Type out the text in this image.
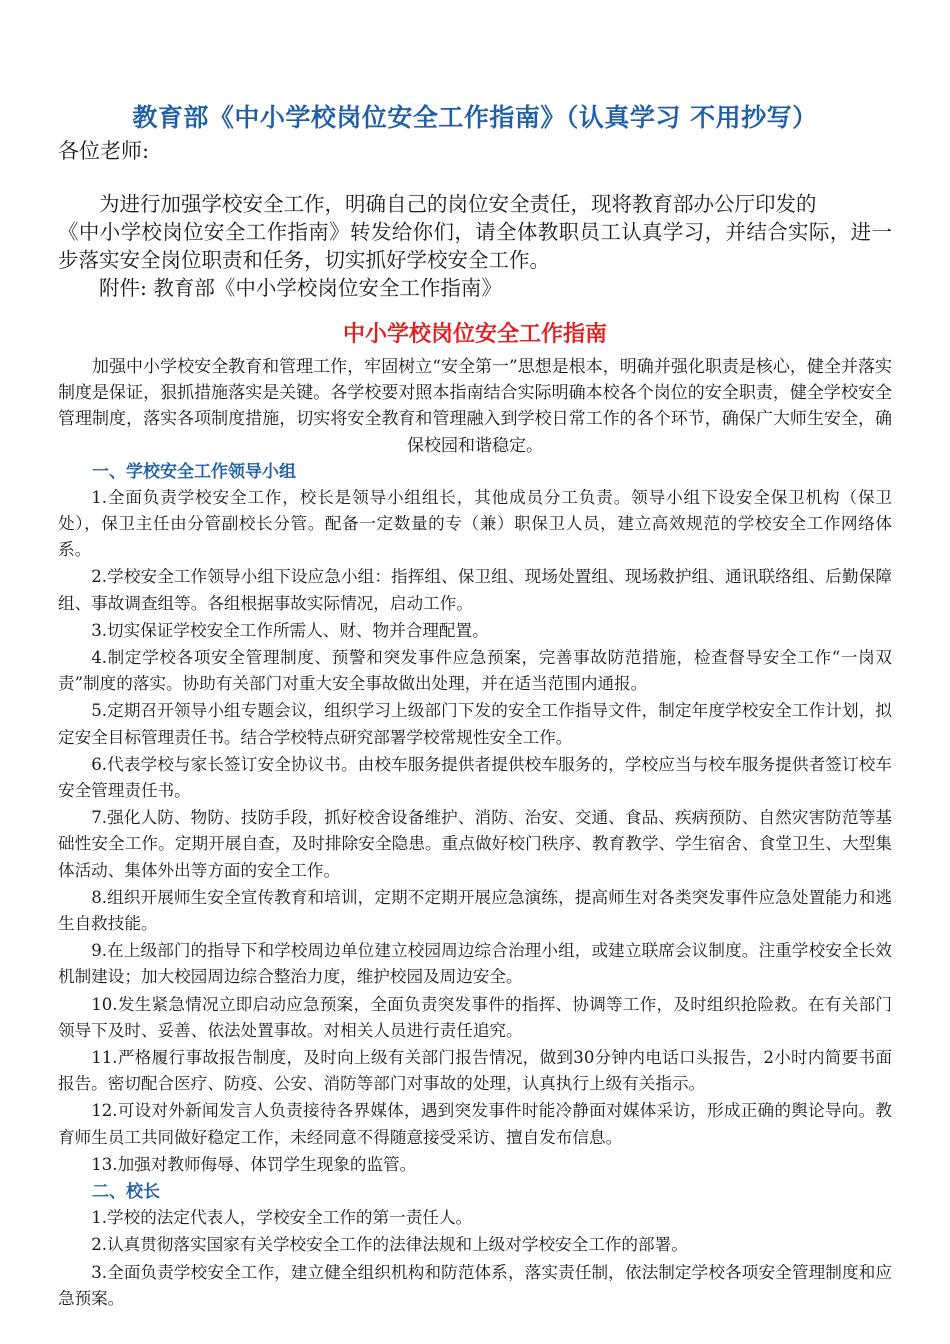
教育部《中小学校岗位安全工作指南》（认真学习 不用抄写）

各位老师:

为进行加强学校安全工作，明确自己的岗位安全责任，现将教育部办公厅印发的

《中小学校岗位安全工作指南》转发给你们，请全体教职员工认真学习，并结合实际，进一步落实安全岗位职责和任务，切实抓好学校安全工作。

附件: 教育部《中小学校岗位安全工作指南》

中小学校岗位安全工作指南

加强中小学校安全教育和管理工作，牢固树立“安全第一”思想是根本，明确并强化职责是核心，健全并落实制度是保证，狠抓措施落实是关键。各学校要对照本指南结合实际明确本校各个岗位的安全职责，健全学校安全管理制度，落实各项制度措施，切实将安全教育和管理融入到学校日常工作的各个环节，确保广大师生安全，确保校园和谐稳定。

一、学校安全工作领导小组

1.全面负责学校安全工作，校长是领导小组组长，其他成员分工负责。领导小组下设安全保卫机构（保卫处），保卫主任由分管副校长分管。配备一定数量的专（兼）职保卫人员，建立高效规范的学校安全工作网络体系。

2.学校安全工作领导小组下设应急小组：指挥组、保卫组、现场处置组、现场救护组、通讯联络组、后勤保障组、事故调查组等。各组根据事故实际情况，启动工作。

3.切实保证学校安全工作所需人、财、物并合理配置。

4.制定学校各项安全管理制度、预警和突发事件应急预案，完善事故防范措施，检查督导安全工作“一岗双责”制度的落实。协助有关部门对重大安全事故做出处理，并在适当范围内通报。

5.定期召开领导小组专题会议，组织学习上级部门下发的安全工作指导文件，制定年度学校安全工作计划，拟定安全目标管理责任书。结合学校特点研究部署学校常规性安全工作。

6.代表学校与家长签订安全协议书。由校车服务提供者提供校车服务的，学校应当与校车服务提供者签订校车安全管理责任书。

7.强化人防、物防、技防手段，抓好校舍设备维护、消防、治安、交通、食品、疾病预防、自然灾害防范等基础性安全工作。定期开展自查，及时排除安全隐患。重点做好校门秩序、教育教学、学生宿舍、食堂卫生、大型集体活动、集体外出等方面的安全工作。

8.组织开展师生安全宣传教育和培训，定期不定期开展应急演练，提高师生对各类突发事件应急处置能力和逃生自救技能。

9.在上级部门的指导下和学校周边单位建立校园周边综合治理小组，或建立联席会议制度。注重学校安全长效机制建设；加大校园周边综合整治力度，维护校园及周边安全。

10.发生紧急情况立即启动应急预案，全面负责突发事件的指挥、协调等工作，及时组织抢险救。在有关部门领导下及时、妥善、依法处置事故。对相关人员进行责任追究。

11.严格履行事故报告制度，及时向上级有关部门报告情况，做到30分钟内电话口头报告，2小时内简要书面报告。密切配合医疗、防疫、公安、消防等部门对事故的处理，认真执行上级有关指示。

12.可设对外新闻发言人负责接待各界媒体，遇到突发事件时能冷静面对媒体采访，形成正确的舆论导向。教育师生员工共同做好稳定工作，未经同意不得随意接受采访、擅自发布信息。

13.加强对教师侮辱、体罚学生现象的监管。

二、校长

1.学校的法定代表人，学校安全工作的第一责任人。

2.认真贯彻落实国家有关学校安全工作的法律法规和上级对学校安全工作的部署。

3.全面负责学校安全工作，建立健全组织机构和防范体系，落实责任制，依法制定学校各项安全管理制度和应急预案。
